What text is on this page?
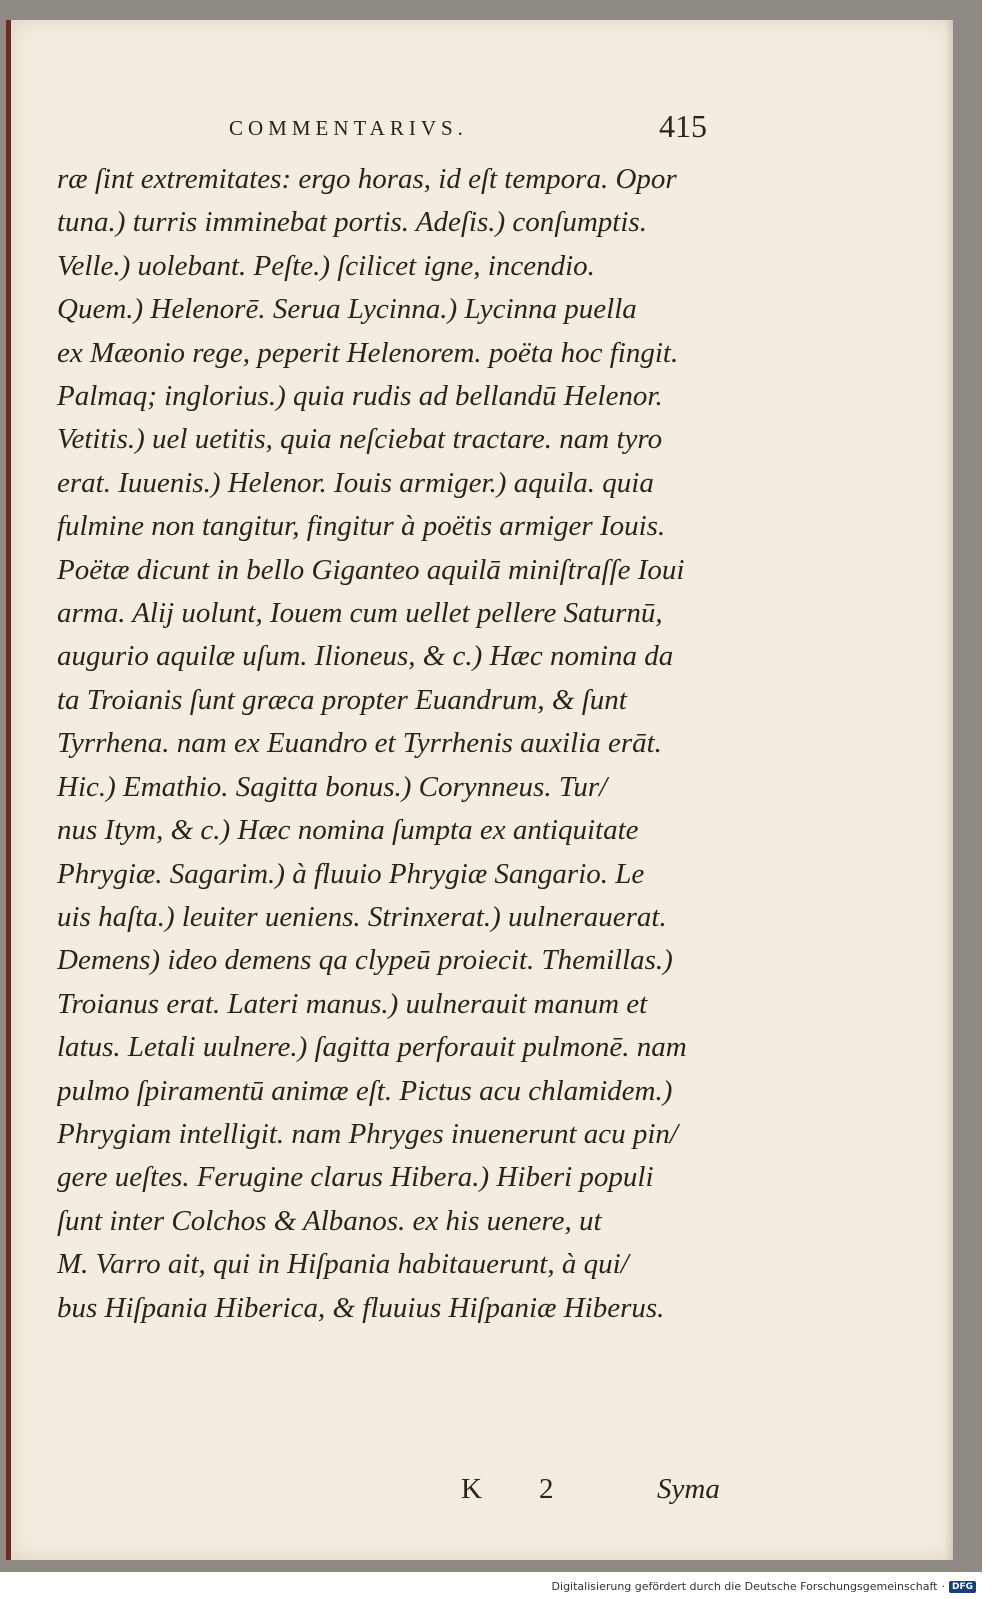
COMMENTARIVS.	415
ræ ſint extremitates: ergo horas, id eſt tempora. Opor
tuna.) turris imminebat portis. Adeſis.) conſumptis.
Velle.) uolebant. Peſte.) ſcilicet igne, incendio.
Quem.) Helenorē. Serua Lycinna.) Lycinna puella
ex Mæonio rege, peperit Helenorem. poëta hoc fingit.
Palmaq; inglorius.) quia rudis ad bellandū Helenor.
Vetitis.) uel uetitis, quia neſciebat tractare. nam tyro
erat. Iuuenis.) Helenor. Iouis armiger.) aquila. quia
fulmine non tangitur, fingitur à poëtis armiger Iouis.
Poëtæ dicunt in bello Giganteo aquilā miniſtraſſe Ioui
arma. Alij uolunt, Iouem cum uellet pellere Saturnū,
augurio aquilæ uſum. Ilioneus, & c.) Hæc nomina da
ta Troianis ſunt græca propter Euandrum, & ſunt
Tyrrhena. nam ex Euandro et Tyrrhenis auxilia erāt.
Hic.) Emathio. Sagitta bonus.) Corynneus. Tur/
nus Itym, & c.) Hæc nomina ſumpta ex antiquitate
Phrygiæ. Sagarim.) à fluuio Phrygiæ Sangario. Le
uis haſta.) leuiter ueniens. Strinxerat.) uulnerauerat.
Demens) ideo demens qa clypeū proiecit. Themillas.)
Troianus erat. Lateri manus.) uulnerauit manum et
latus. Letali uulnere.) ſagitta perforauit pulmonē. nam
pulmo ſpiramentū animæ eſt. Pictus acu chlamidem.)
Phrygiam intelligit. nam Phryges inuenerunt acu pin/
gere ueſtes. Ferugine clarus Hibera.) Hiberi populi
ſunt inter Colchos & Albanos. ex his uenere, ut
M. Varro ait, qui in Hiſpania habitauerunt, à qui/
bus Hiſpania Hiberica, & fluuius Hiſpaniæ Hiberus.
K 2	Syma
Digitalisierung gefördert durch die Deutsche Forschungsgemeinschaft · DFG
